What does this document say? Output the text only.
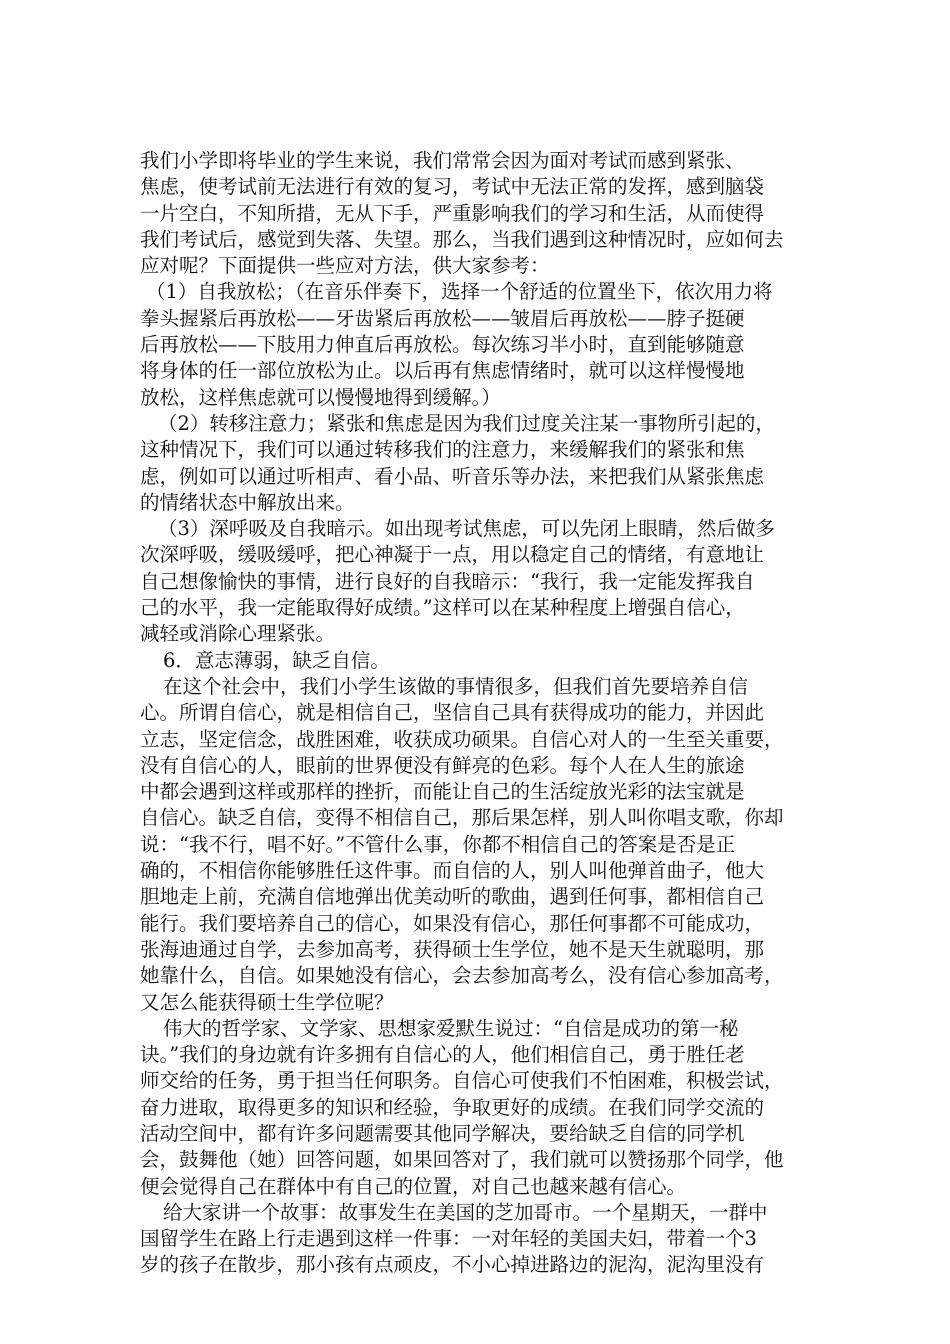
我们小学即将毕业的学生来说，我们常常会因为面对考试而感到紧张、
焦虑，使考试前无法进行有效的复习，考试中无法正常的发挥，感到脑袋
一片空白，不知所措，无从下手，严重影响我们的学习和生活，从而使得
我们考试后，感觉到失落、失望。那么，当我们遇到这种情况时，应如何去
应对呢？下面提供一些应对方法，供大家参考：
（1）自我放松；（在音乐伴奏下，选择一个舒适的位置坐下，依次用力将
拳头握紧后再放松——牙齿紧后再放松——皱眉后再放松——脖子挺硬
后再放松——下肢用力伸直后再放松。每次练习半小时，直到能够随意
将身体的任一部位放松为止。以后再有焦虑情绪时，就可以这样慢慢地
放松，这样焦虑就可以慢慢地得到缓解。）
（2）转移注意力；紧张和焦虑是因为我们过度关注某一事物所引起的，
这种情况下，我们可以通过转移我们的注意力，来缓解我们的紧张和焦
虑，例如可以通过听相声、看小品、听音乐等办法，来把我们从紧张焦虑
的情绪状态中解放出来。
（3）深呼吸及自我暗示。如出现考试焦虑，可以先闭上眼睛，然后做多
次深呼吸，缓吸缓呼，把心神凝于一点，用以稳定自己的情绪，有意地让
自己想像愉快的事情，进行良好的自我暗示：“我行，我一定能发挥我自
己的水平，我一定能取得好成绩。”这样可以在某种程度上增强自信心，
减轻或消除心理紧张。
6．意志薄弱，缺乏自信。
在这个社会中，我们小学生该做的事情很多，但我们首先要培养自信
心。所谓自信心，就是相信自己，坚信自己具有获得成功的能力，并因此
立志，坚定信念，战胜困难，收获成功硕果。自信心对人的一生至关重要，
没有自信心的人，眼前的世界便没有鲜亮的色彩。每个人在人生的旅途
中都会遇到这样或那样的挫折，而能让自己的生活绽放光彩的法宝就是
自信心。缺乏自信，变得不相信自己，那后果怎样，别人叫你唱支歌，你却
说：“我不行，唱不好。”不管什么事，你都不相信自己的答案是否是正
确的，不相信你能够胜任这件事。而自信的人，别人叫他弹首曲子，他大
胆地走上前，充满自信地弹出优美动听的歌曲，遇到任何事，都相信自己
能行。我们要培养自己的信心，如果没有信心，那任何事都不可能成功，
张海迪通过自学，去参加高考，获得硕士生学位，她不是天生就聪明，那
她靠什么，自信。如果她没有信心，会去参加高考么，没有信心参加高考，
又怎么能获得硕士生学位呢？
伟大的哲学家、文学家、思想家爱默生说过：“自信是成功的第一秘
诀。”我们的身边就有许多拥有自信心的人，他们相信自己，勇于胜任老
师交给的任务，勇于担当任何职务。自信心可使我们不怕困难，积极尝试，
奋力进取，取得更多的知识和经验，争取更好的成绩。在我们同学交流的
活动空间中，都有许多问题需要其他同学解决，要给缺乏自信的同学机
会，鼓舞他（她）回答问题，如果回答对了，我们就可以赞扬那个同学，他
便会觉得自己在群体中有自己的位置，对自己也越来越有信心。
给大家讲一个故事：故事发生在美国的芝加哥市。一个星期天，一群中
国留学生在路上行走遇到这样一件事：一对年轻的美国夫妇，带着一个3
岁的孩子在散步，那小孩有点顽皮，不小心掉进路边的泥沟，泥沟里没有
